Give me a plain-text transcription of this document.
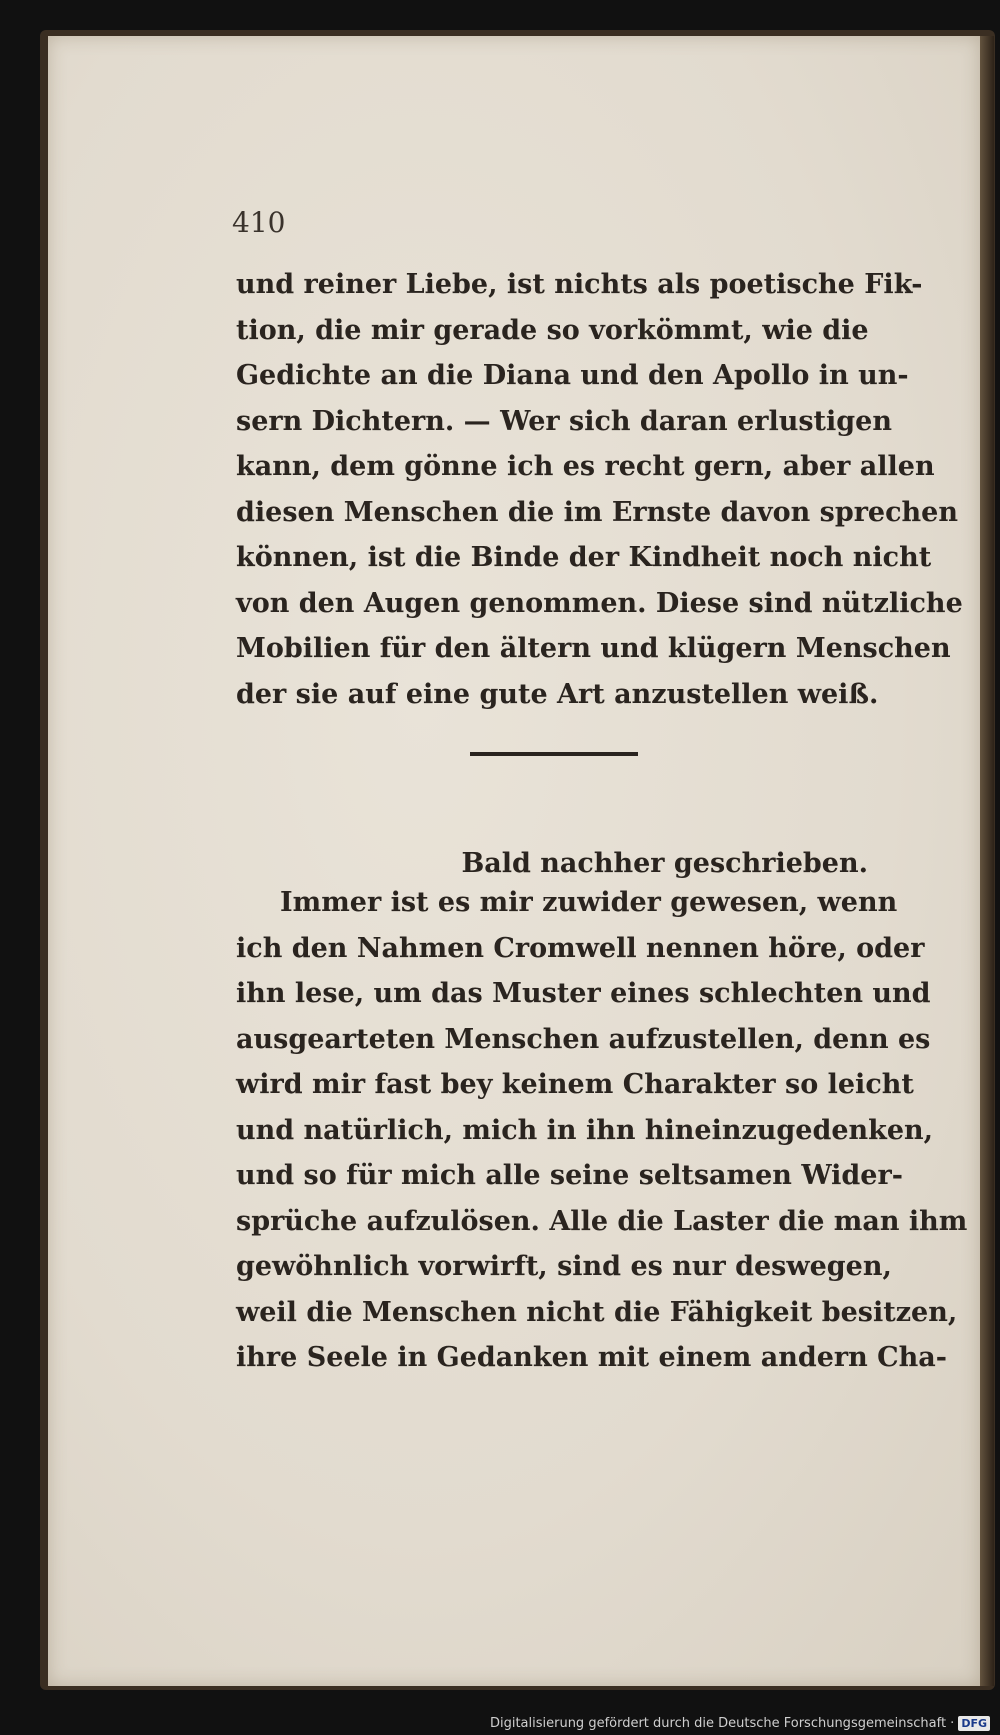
410
und reiner Liebe, ist nichts als poetische Fik-
tion, die mir gerade so vorkömmt, wie die
Gedichte an die Diana und den Apollo in un-
sern Dichtern. — Wer sich daran erlustigen
kann, dem gönne ich es recht gern, aber allen
diesen Menschen die im Ernste davon sprechen
können, ist die Binde der Kindheit noch nicht
von den Augen genommen. Diese sind nützliche
Mobilien für den ältern und klügern Menschen
der sie auf eine gute Art anzustellen weiß.
Bald nachher geschrieben.
Immer ist es mir zuwider gewesen, wenn
ich den Nahmen Cromwell nennen höre, oder
ihn lese, um das Muster eines schlechten und
ausgearteten Menschen aufzustellen, denn es
wird mir fast bey keinem Charakter so leicht
und natürlich, mich in ihn hineinzugedenken,
und so für mich alle seine seltsamen Wider-
sprüche aufzulösen. Alle die Laster die man ihm
gewöhnlich vorwirft, sind es nur deswegen,
weil die Menschen nicht die Fähigkeit besitzen,
ihre Seele in Gedanken mit einem andern Cha-
Digitalisierung gefördert durch die Deutsche Forschungsgemeinschaft · DFG
